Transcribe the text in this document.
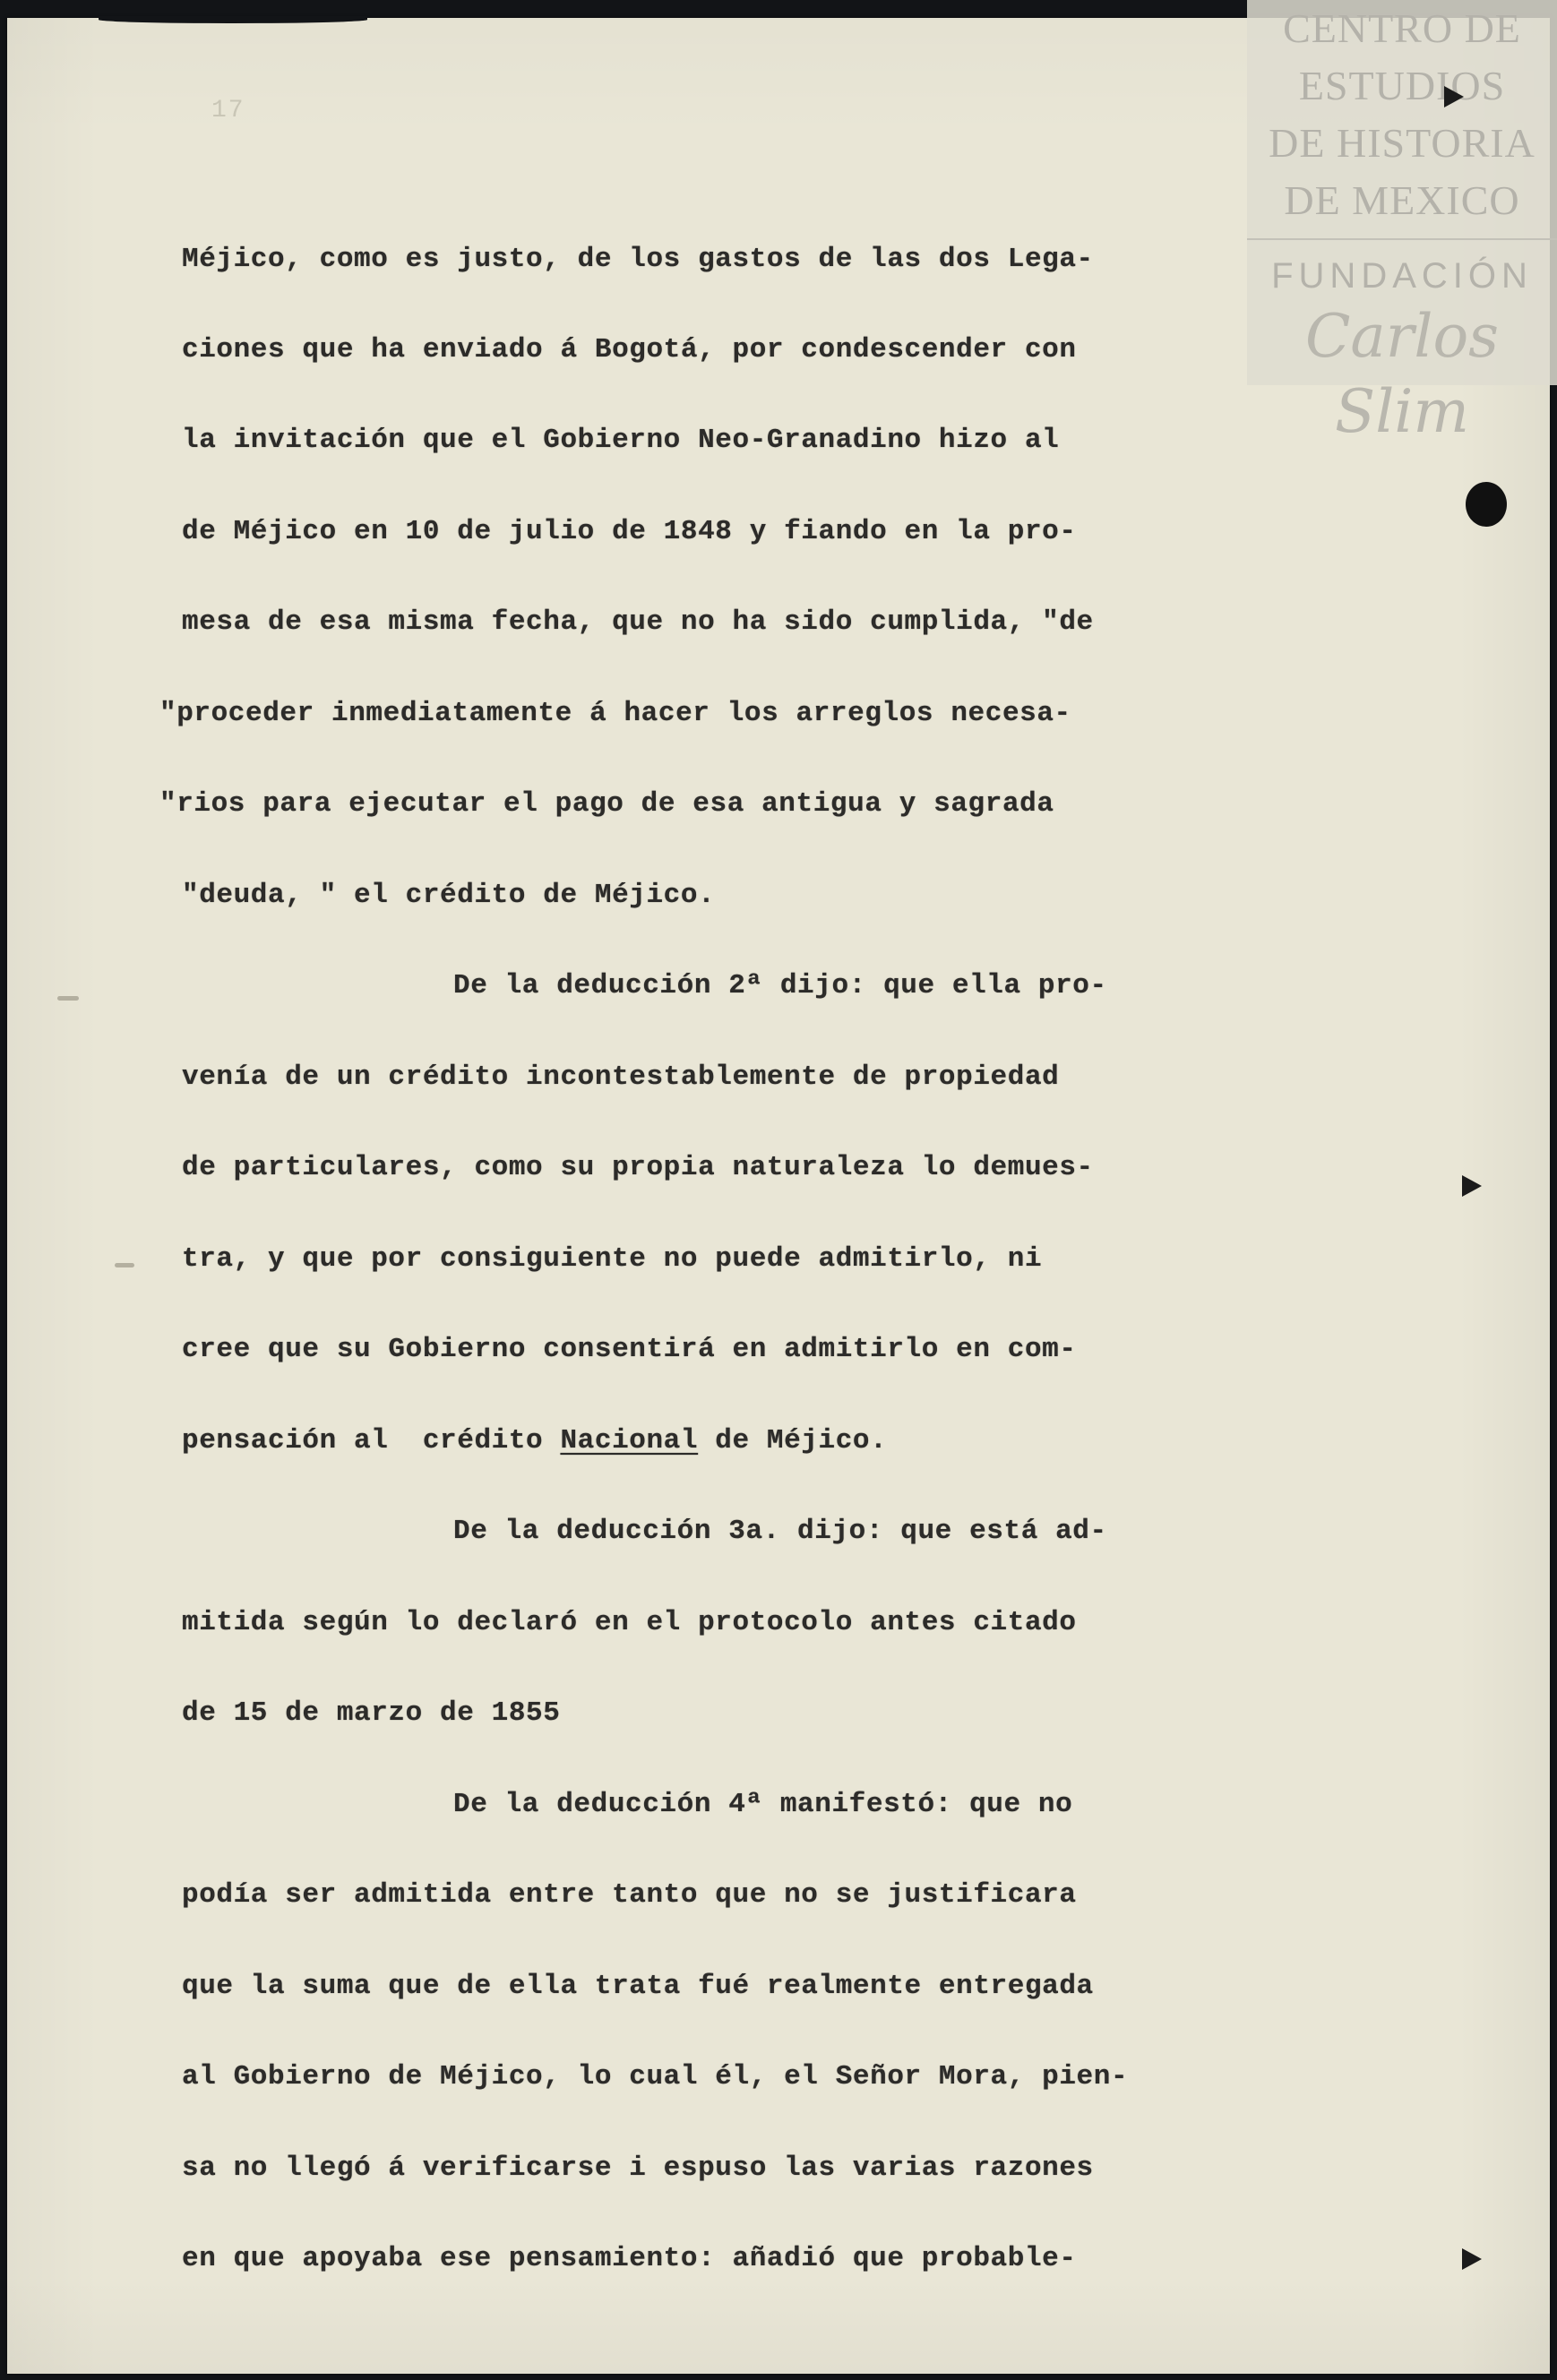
17
CENTRO DE
ESTUDIOS
DE HISTORIA
DE MEXICO
FUNDACIÓN
Carlos Slim
Méjico, como es justo, de los gastos de las dos Lega-
ciones que ha enviado á Bogotá, por condescender con
la invitación que el Gobierno Neo-Granadino hizo al
de Méjico en 10 de julio de 1848 y fiando en la pro-
mesa de esa misma fecha, que no ha sido cumplida, "de
"proceder inmediatamente á hacer los arreglos necesa-
"rios para ejecutar el pago de esa antigua y sagrada
"deuda, " el crédito de Méjico.
De la deducción 2ª dijo: que ella pro-
venía de un crédito incontestablemente de propiedad
de particulares, como su propia naturaleza lo demues-
tra, y que por consiguiente no puede admitirlo, ni
cree que su Gobierno consentirá en admitirlo en com-
pensación al  crédito Nacional de Méjico.
De la deducción 3a. dijo: que está ad-
mitida según lo declaró en el protocolo antes citado
de 15 de marzo de 1855
De la deducción 4ª manifestó: que no
podía ser admitida entre tanto que no se justificara
que la suma que de ella trata fué realmente entregada
al Gobierno de Méjico, lo cual él, el Señor Mora, pien-
sa no llegó á verificarse i espuso las varias razones
en que apoyaba ese pensamiento: añadió que probable-
